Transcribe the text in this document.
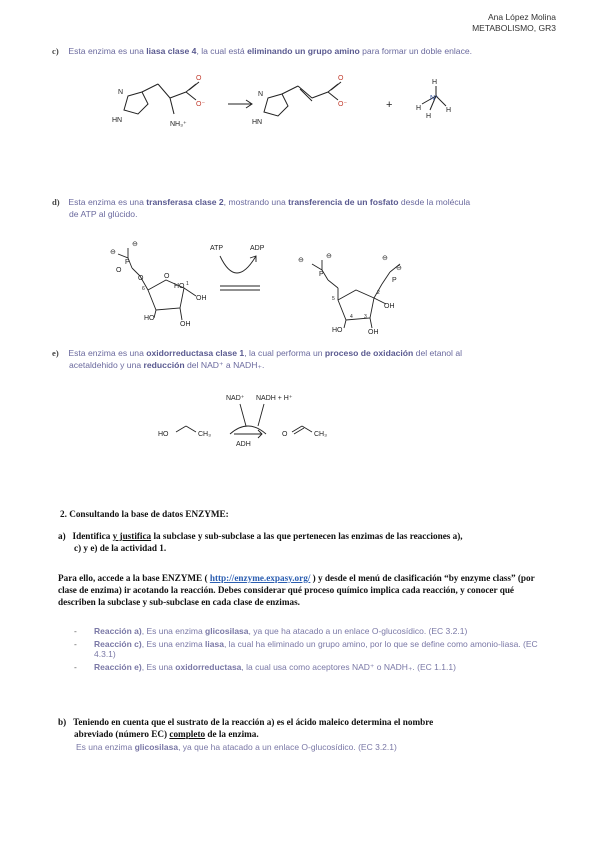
Ana López Molina
METABOLISMO, GR3
c) Esta enzima es una liasa clase 4, la cual está eliminando un grupo amino para formar un doble enlace.
N
HN
NH₃⁺
O
O⁻
N
HN
O
O⁻	+
H
N⁺
H
H
H
d) Esta enzima es una transferasa clase 2, mostrando una transferencia de un fosfato desde la molécula
de ATP al glúcido.
⊖
⊖
P
O
O	O
6
1
OH
HO
HO
OH
ATP	ADP
⊖
⊖
P
⊖
⊖
P
5
2
4 3
OH
HO	OH
e) Esta enzima es una oxidorreductasa clase 1, la cual performa un proceso de oxidación del etanol al
acetaldehido y una reducción del NAD⁺ a NADH₊.
NAD⁺ NADH + H⁺
HO	CH₃
ADH
O	CH₃
2. Consultando la base de datos ENZYME:
a) Identifica y justifica la subclase y sub-subclase a las que pertenecen las enzimas de las reacciones a),
c) y e) de la actividad 1.
Para ello, accede a la base ENZYME ( http://enzyme.expasy.org/ ) y desde el menú de clasificación “by enzyme class” (por clase de enzima) ir acotando la reacción. Debes considerar qué proceso químico implica cada reacción, y conocer qué describen la subclase y sub-subclase en cada clase de enzimas.
- Reacción a), Es una enzima glicosilasa, ya que ha atacado a un enlace O-glucosídico. (EC 3.2.1)
- Reacción c), Es una enzima liasa, la cual ha eliminado un grupo amino, por lo que se define como amonio-liasa. (EC 4.3.1)
- Reacción e), Es una oxidorreductasa, la cual usa como aceptores NAD⁺ o NADH₊. (EC 1.1.1)
b) Teniendo en cuenta que el sustrato de la reacción a) es el ácido maleico determina el nombre
abreviado (número EC) completo de la enzima.
Es una enzima glicosilasa, ya que ha atacado a un enlace O-glucosídico. (EC 3.2.1)
